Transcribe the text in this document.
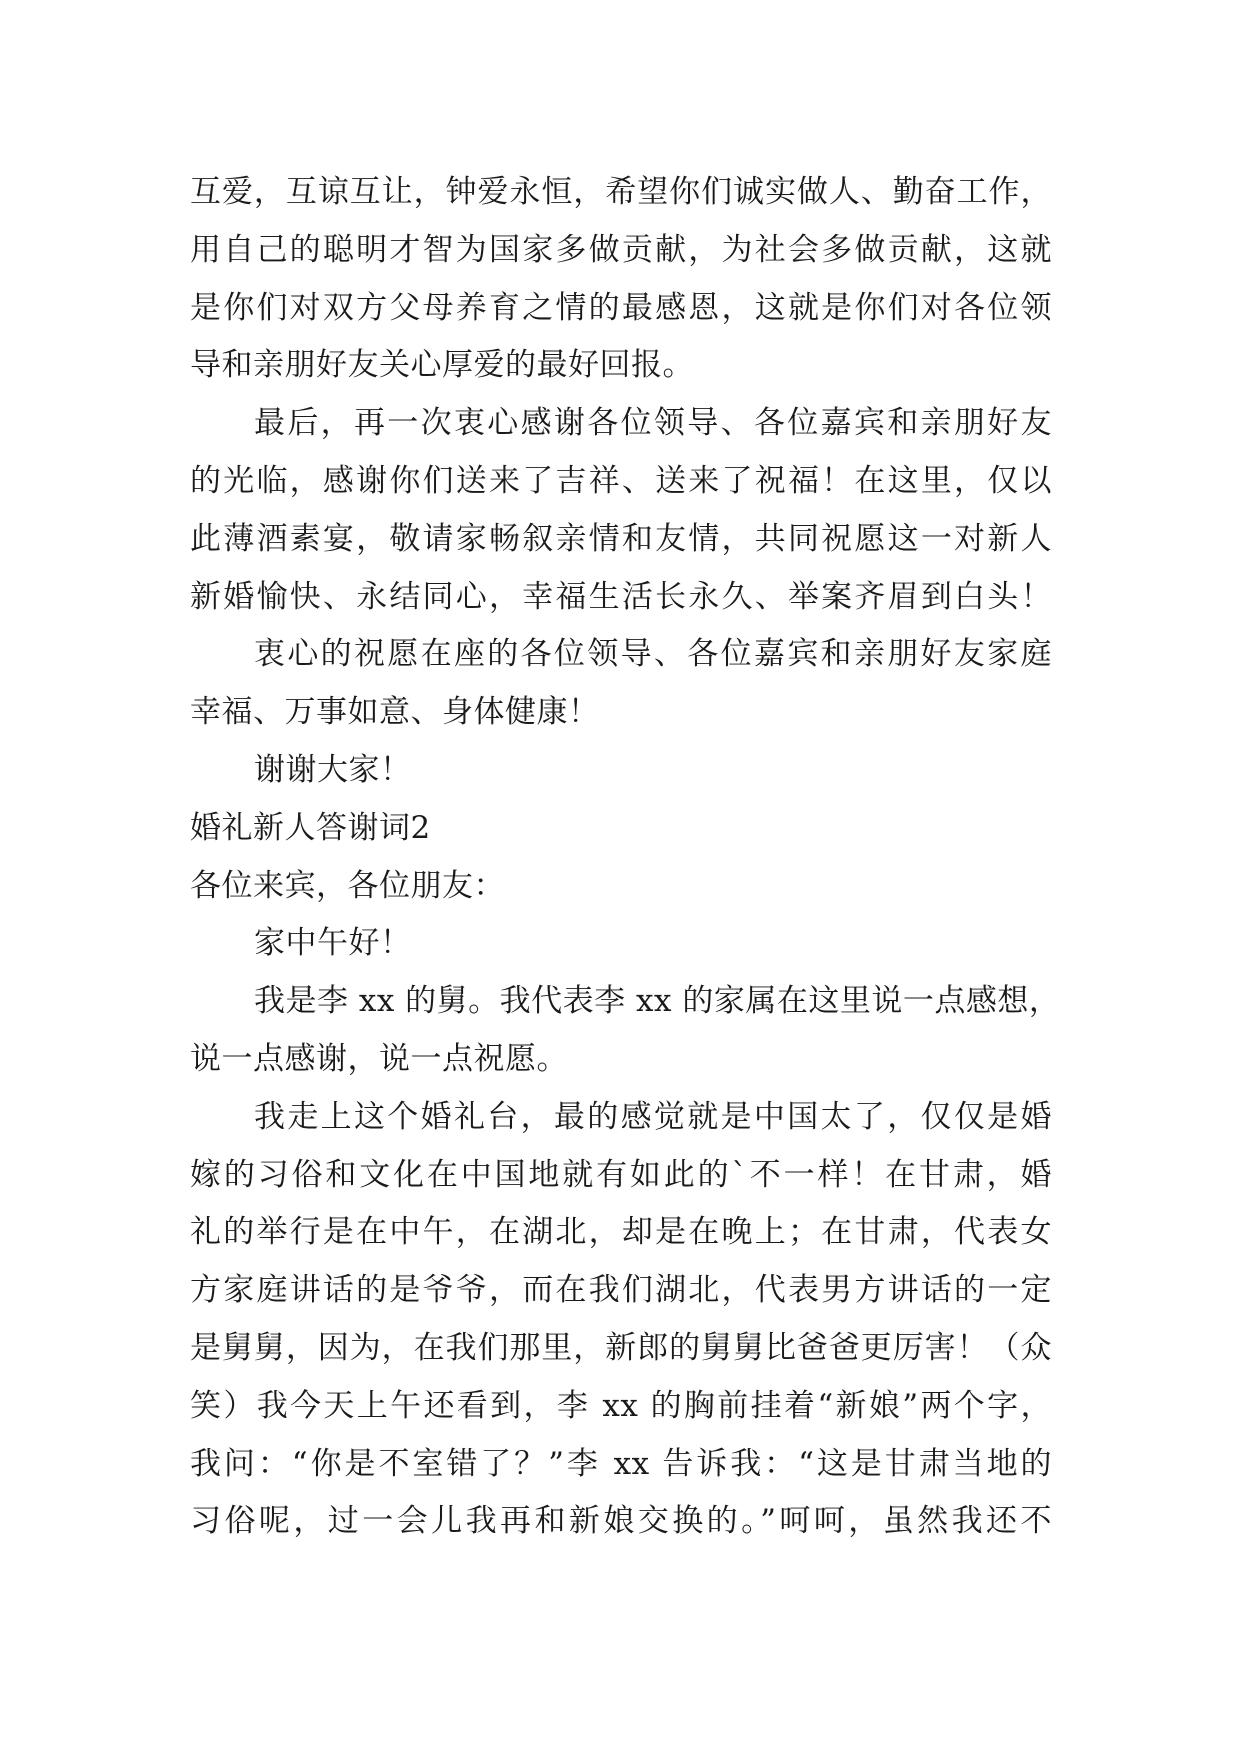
互爱，互谅互让，钟爱永恒，希望你们诚实做人、勤奋工作，
用自己的聪明才智为国家多做贡献，为社会多做贡献，这就
是你们对双方父母养育之情的最感恩，这就是你们对各位领
导和亲朋好友关心厚爱的最好回报。
最后，再一次衷心感谢各位领导、各位嘉宾和亲朋好友
的光临，感谢你们送来了吉祥、送来了祝福！在这里，仅以
此薄酒素宴，敬请家畅叙亲情和友情，共同祝愿这一对新人
新婚愉快、永结同心，幸福生活长永久、举案齐眉到白头！
衷心的祝愿在座的各位领导、各位嘉宾和亲朋好友家庭
幸福、万事如意、身体健康！
谢谢大家！
婚礼新人答谢词2
各位来宾，各位朋友：
家中午好！
我是李 xx 的舅。我代表李 xx 的家属在这里说一点感想，
说一点感谢，说一点祝愿。
我走上这个婚礼台，最的感觉就是中国太了，仅仅是婚
嫁的习俗和文化在中国地就有如此的`不一样！在甘肃，婚
礼的举行是在中午，在湖北，却是在晚上；在甘肃，代表女
方家庭讲话的是爷爷，而在我们湖北，代表男方讲话的一定
是舅舅，因为，在我们那里，新郎的舅舅比爸爸更厉害！（众
笑）我今天上午还看到，李 xx 的胸前挂着“新娘”两个字，
我问：“你是不室错了？”李 xx 告诉我：“这是甘肃当地的
习俗呢，过一会儿我再和新娘交换的。”呵呵，虽然我还不
